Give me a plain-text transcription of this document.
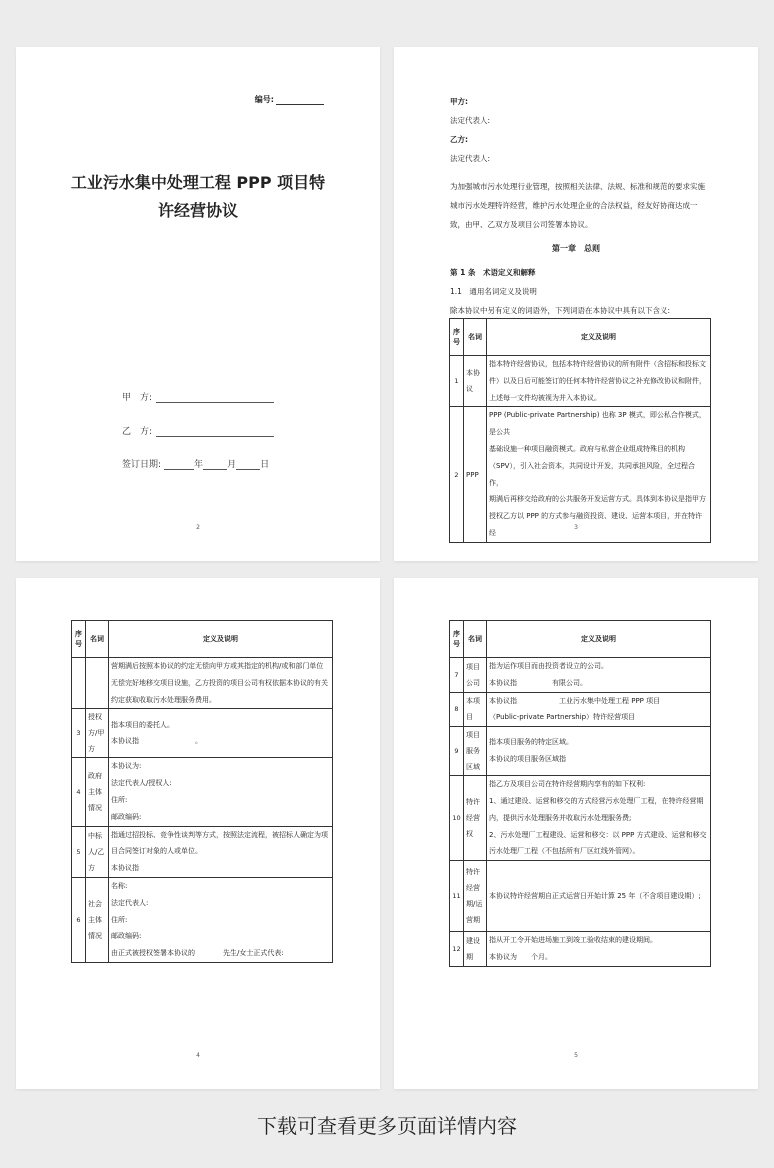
编号:
工业污水集中处理工程 PPP 项目特
许经营协议
甲　方:
乙　方:
签订日期:	年	月	日
2
甲方:
法定代表人:
乙方:
法定代表人:
为加强城市污水处理行业管理，按照相关法律、法规、标准和规范的要求实施
城市污水处理特许经营，维护污水处理企业的合法权益，经友好协商达成一
致，由甲、乙双方及项目公司签署本协议。
第一章　总则
第 1 条　术语定义和解释
1.1　通用名词定义及说明
除本协议中另有定义的词语外，下列词语在本协议中具有以下含义:
序号	名词	定义及说明
1	本协议	指本特许经营协议，包括本特许经营协议的所有附件（含招标和投标文
件）以及日后可能签订的任何本特许经营协议之补充修改协议和附件，
上述每一文件均被视为并入本协议。

2	PPP	PPP (Public-private Partnership) 也称 3P 模式，即公私合作模式，是公共
基础设施一种项目融资模式。政府与私营企业组成特殊目的机构
（SPV），引入社会资本，共同设计开发，共同承担风险，全过程合作，
期满后再移交给政府的公共服务开发运营方式。具体到本协议是指甲方
授权乙方以 PPP 的方式参与融资投资、建设、运营本项目，并在特许经
3
序号	名词	定义及说明

		营期满后按照本协议的约定无偿向甲方或其指定的机构/或和部门单位
无偿完好地移交项目设施，乙方投资的项目公司有权依据本协议的有关
约定获取收取污水处理服务费用。

3	授权方/甲方	指本项目的委托人。
本协议指　　　　　　　　。

4	政府主体情况	本协议为:
法定代表人/授权人:
住所:
邮政编码:

5	中标人/乙方	指通过招投标、竞争性谈判等方式，按照法定流程，被招标人确定为项
目合同签订对象的人或单位。
本协议指

6	社会主体情况	名称:
法定代表人:
住所:
邮政编码:
由正式被授权签署本协议的　　　　先生/女士正式代表:
4
序号	名词	定义及说明
7	项目公司	指为运作项目而由投资者设立的公司。
本协议指　　　　　有限公司。

8	本项目	本协议指　　　　　　工业污水集中处理工程 PPP 项目
（Public-private Partnership）特许经营项目

9	项目服务区域	指本项目服务的特定区域。
本协议的项目服务区域指　　　　　　　

10	特许经营权	指乙方及项目公司在特许经营期内享有的如下权利:
1、通过建设、运营和移交的方式经营污水处理厂工程，在特许经营期
内，提供污水处理服务并收取污水处理服务费;
2、污水处理厂工程建设、运营和移交：以 PPP 方式建设、运营和移交
污水处理厂工程（不包括所有厂区红线外管网）。

11	特许经营期/运营期	本协议特许经营期自正式运营日开始计算 25 年（不含项目建设期）;

12	建设期	指从开工令开始进场施工到竣工验收结束的建设期间。
本协议为　　个月。
5
下载可查看更多页面详情内容
